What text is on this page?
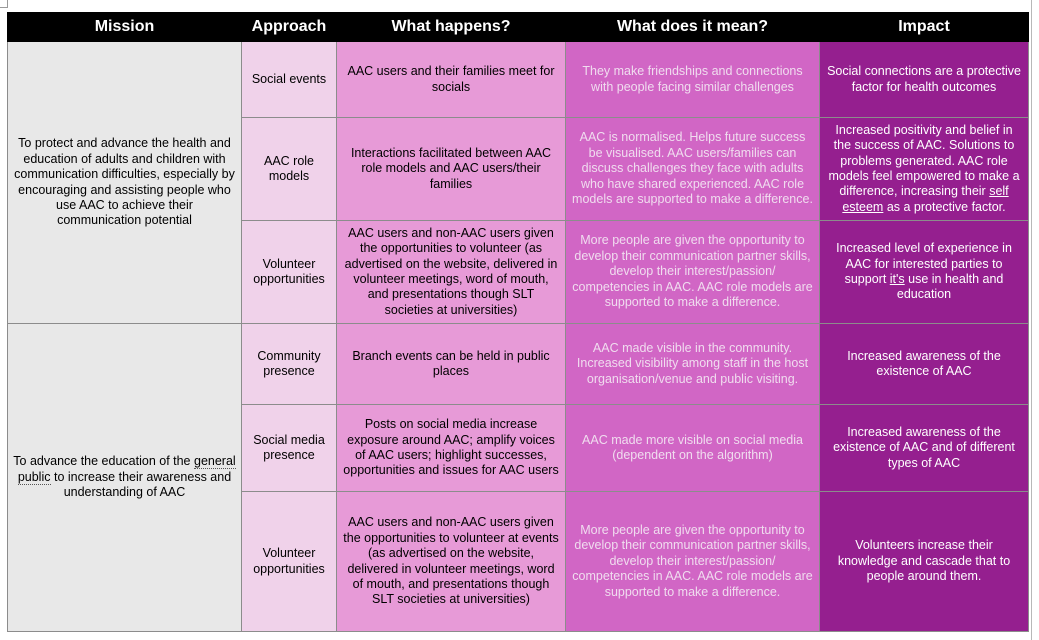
Mission	Approach	What happens?	What does it mean?	Impact
To protect and advance the health and education of adults and children with communication difficulties, especially by encouraging and assisting people who use AAC to achieve their communication potential	Social events	AAC users and their families meet for socials	They make friendships and connections with people facing similar challenges	Social connections are a protective factor for health outcomes
	AAC role models	Interactions facilitated between AAC role models and AAC users/their families	AAC is normalised. Helps future success be visualised. AAC users/families can discuss challenges they face with adults who have shared experienced. AAC role models are supported to make a difference.	Increased positivity and belief in the success of AAC. Solutions to problems generated. AAC role models feel empowered to make a difference, increasing their self esteem as a protective factor.
	Volunteer opportunities	AAC users and non-AAC users given the opportunities to volunteer (as advertised on the website, delivered in volunteer meetings, word of mouth, and presentations though SLT societies at universities)	More people are given the opportunity to develop their communication partner skills, develop their interest/passion/ competencies in AAC. AAC role models are supported to make a difference.	Increased level of experience in AAC for interested parties to support it's use in health and education
To advance the education of the general public to increase their awareness and understanding of AAC	Community presence	Branch events can be held in public places	AAC made visible in the community. Increased visibility among staff in the host organisation/venue and public visiting.	Increased awareness of the existence of AAC
	Social media presence	Posts on social media increase exposure around AAC; amplify voices of AAC users; highlight successes, opportunities and issues for AAC users	AAC made more visible on social media (dependent on the algorithm)	Increased awareness of the existence of AAC and of different types of AAC
	Volunteer opportunities	AAC users and non-AAC users given the opportunities to volunteer at events (as advertised on the website, delivered in volunteer meetings, word of mouth, and presentations though SLT societies at universities)	More people are given the opportunity to develop their communication partner skills, develop their interest/passion/ competencies in AAC. AAC role models are supported to make a difference.	Volunteers increase their knowledge and cascade that to people around them.
